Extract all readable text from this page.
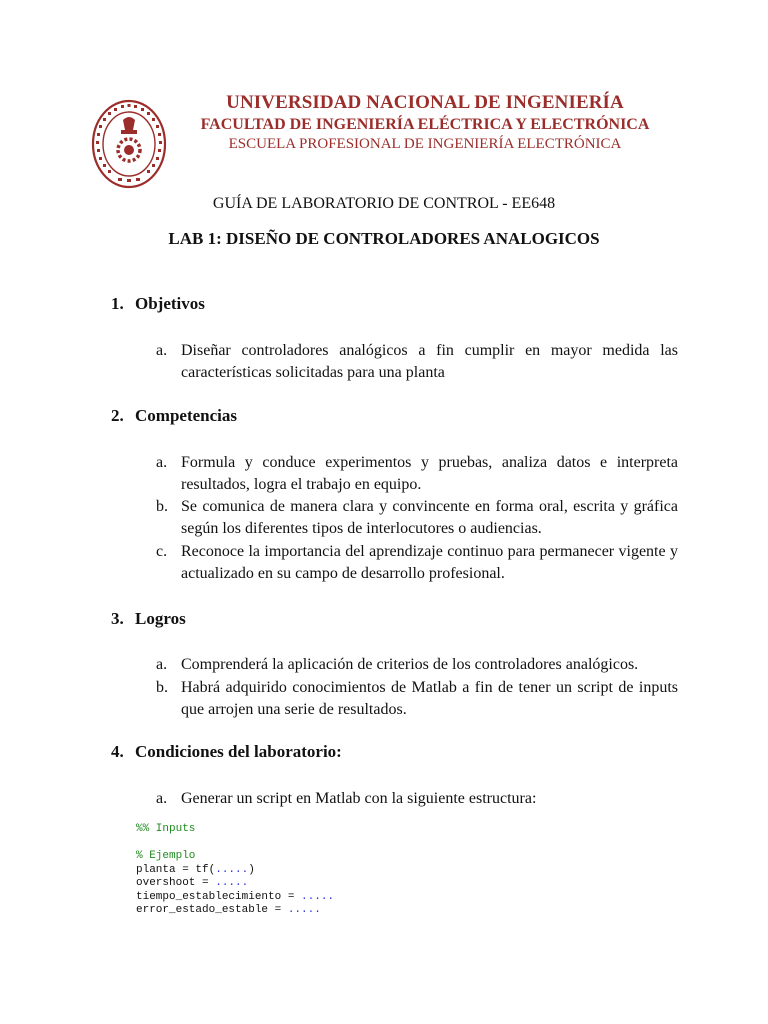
UNIVERSIDAD NACIONAL DE INGENIERÍA
FACULTAD DE INGENIERÍA ELÉCTRICA Y ELECTRÓNICA
ESCUELA PROFESIONAL DE INGENIERÍA ELECTRÓNICA
GUÍA DE LABORATORIO DE CONTROL - EE648
LAB 1: DISEÑO DE CONTROLADORES ANALOGICOS
1. Objetivos
a. Diseñar controladores analógicos a fin cumplir en mayor medida las características solicitadas para una planta
2. Competencias
a. Formula y conduce experimentos y pruebas, analiza datos e interpreta resultados, logra el trabajo en equipo.
b. Se comunica de manera clara y convincente en forma oral, escrita y gráfica según los diferentes tipos de interlocutores o audiencias.
c. Reconoce la importancia del aprendizaje continuo para permanecer vigente y actualizado en su campo de desarrollo profesional.
3. Logros
a. Comprenderá la aplicación de criterios de los controladores analógicos.
b. Habrá adquirido conocimientos de Matlab a fin de tener un script de inputs que arrojen una serie de resultados.
4. Condiciones del laboratorio:
a. Generar un script en Matlab con la siguiente estructura:
%% Inputs

% Ejemplo
planta = tf(.....)
overshoot = .....
tiempo_establecimiento = .....
error_estado_estable = .....
